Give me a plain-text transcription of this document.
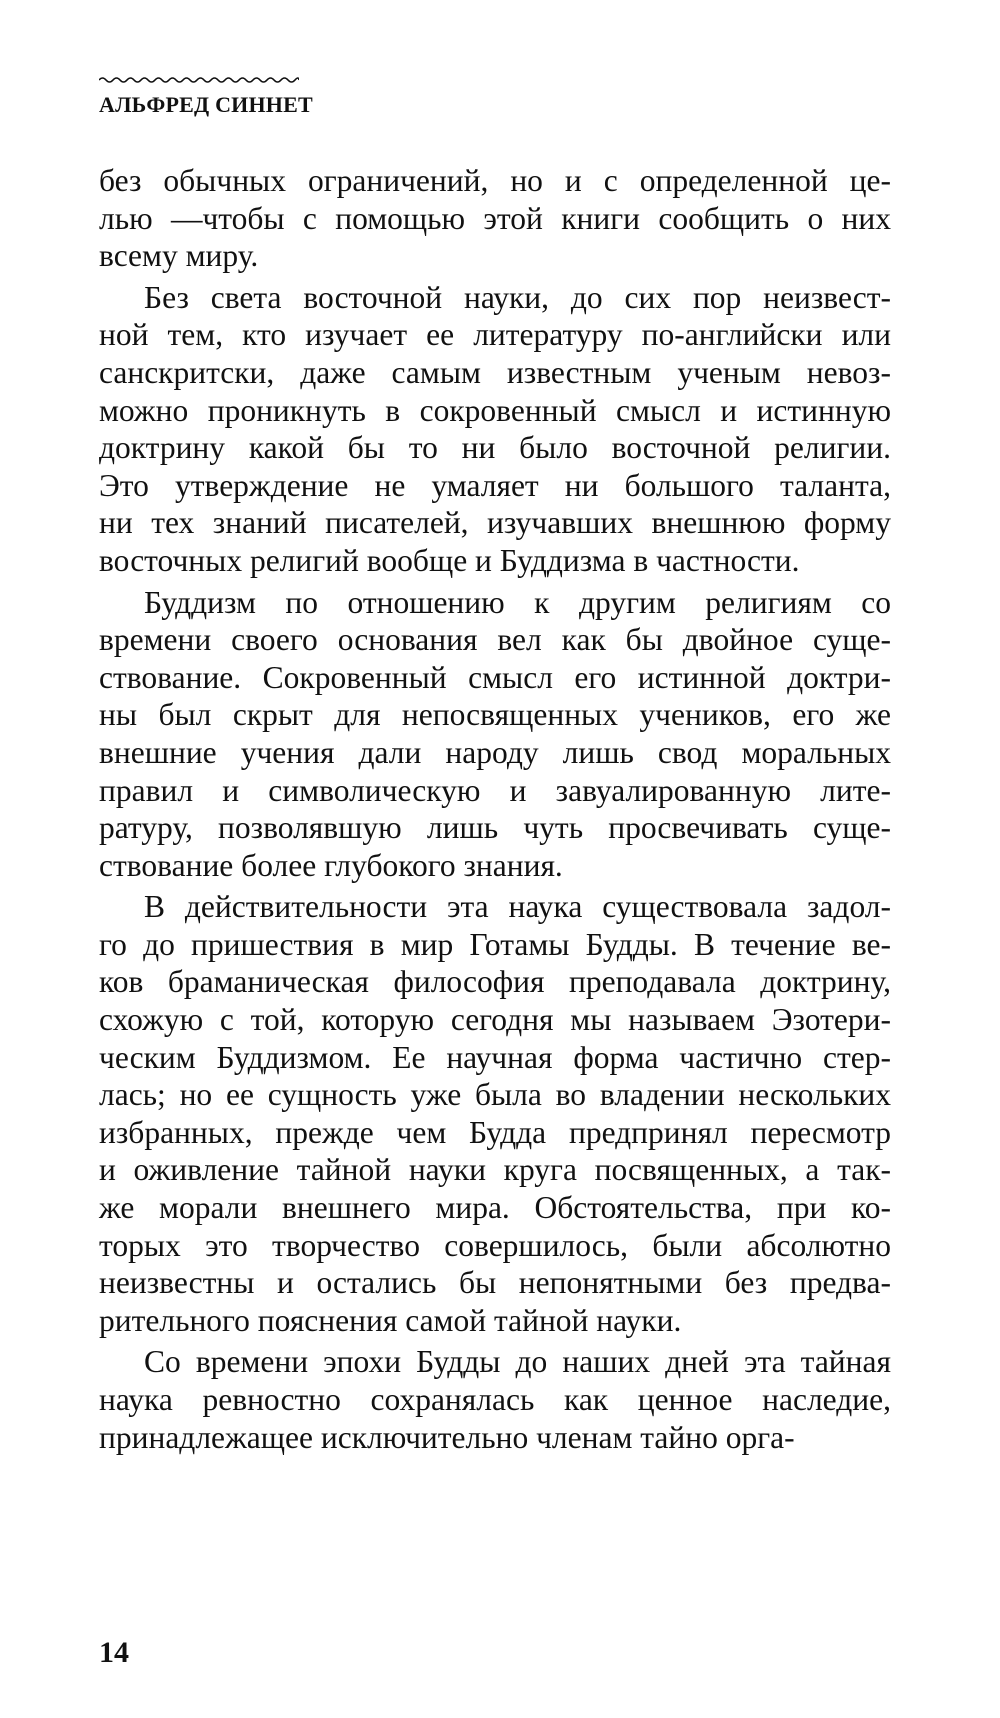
АЛЬФРЕД СИННЕТ
без обычных ограничений, но и с определенной це-
лью —чтобы с помощью этой книги сообщить о них
всему миру.
Без света восточной науки, до сих пор неизвест-
ной тем, кто изучает ее литературу по-английски или
санскритски, даже самым известным ученым невоз-
можно проникнуть в сокровенный смысл и истинную
доктрину какой бы то ни было восточной религии.
Это утверждение не умаляет ни большого таланта,
ни тех знаний писателей, изучавших внешнюю форму
восточных религий вообще и Буддизма в частности.
Буддизм по отношению к другим религиям со
времени своего основания вел как бы двойное суще-
ствование. Сокровенный смысл его истинной доктри-
ны был скрыт для непосвященных учеников, его же
внешние учения дали народу лишь свод моральных
правил и символическую и завуалированную лите-
ратуру, позволявшую лишь чуть просвечивать суще-
ствование более глубокого знания.
В действительности эта наука существовала задол-
го до пришествия в мир Готамы Будды. В течение ве-
ков браманическая философия преподавала доктрину,
схожую с той, которую сегодня мы называем Эзотери-
ческим Буддизмом. Ее научная форма частично стер-
лась; но ее сущность уже была во владении нескольких
избранных, прежде чем Будда предпринял пересмотр
и оживление тайной науки круга посвященных, а так-
же морали внешнего мира. Обстоятельства, при ко-
торых это творчество совершилось, были абсолютно
неизвестны и остались бы непонятными без предва-
рительного пояснения самой тайной науки.
Со времени эпохи Будды до наших дней эта тайная
наука ревностно сохранялась как ценное наследие,
принадлежащее исключительно членам тайно орга-
14
